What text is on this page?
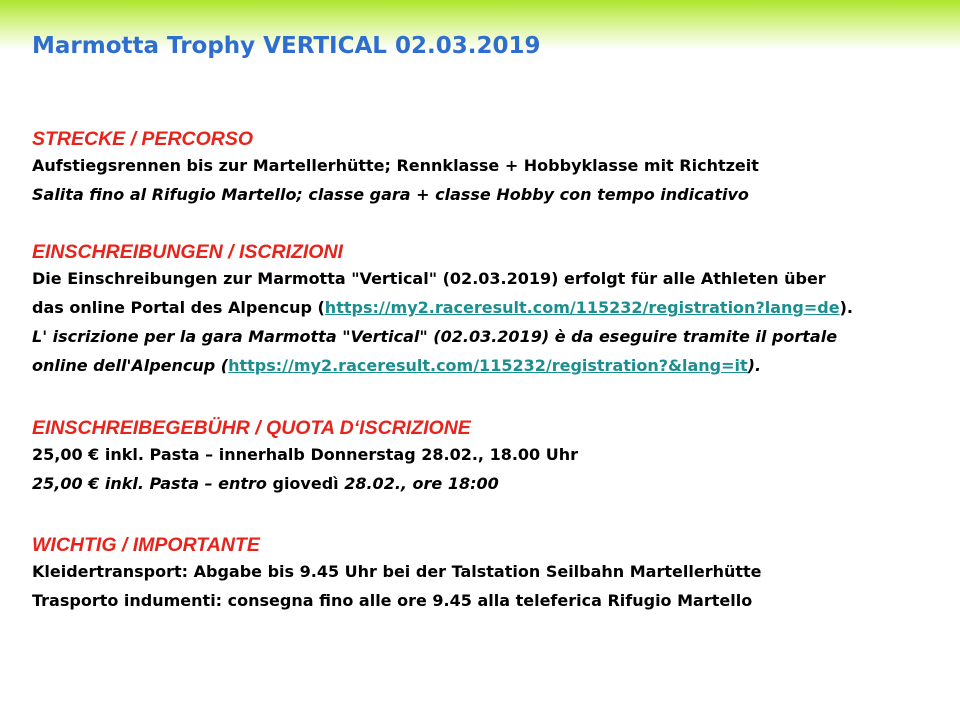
Marmotta Trophy VERTICAL 02.03.2019
STRECKE / PERCORSO
Aufstiegsrennen bis zur Martellerhütte; Rennklasse + Hobbyklasse mit Richtzeit
Salita fino al Rifugio Martello; classe gara + classe Hobby con tempo indicativo
EINSCHREIBUNGEN / ISCRIZIONI
Die Einschreibungen zur Marmotta "Vertical" (02.03.2019) erfolgt für alle Athleten über
das online Portal des Alpencup (https://my2.raceresult.com/115232/registration?lang=de).
L' iscrizione per la gara Marmotta "Vertical" (02.03.2019) è da eseguire tramite il portale
online dell'Alpencup (https://my2.raceresult.com/115232/registration?&lang=it).
EINSCHREIBEGEBÜHR / QUOTA D‘ISCRIZIONE
25,00 € inkl. Pasta – innerhalb Donnerstag 28.02., 18.00 Uhr
25,00 € inkl. Pasta – entro giovedì 28.02., ore 18:00
WICHTIG / IMPORTANTE
Kleidertransport: Abgabe bis 9.45 Uhr bei der Talstation Seilbahn Martellerhütte
Trasporto indumenti: consegna fino alle ore 9.45 alla teleferica Rifugio Martello
